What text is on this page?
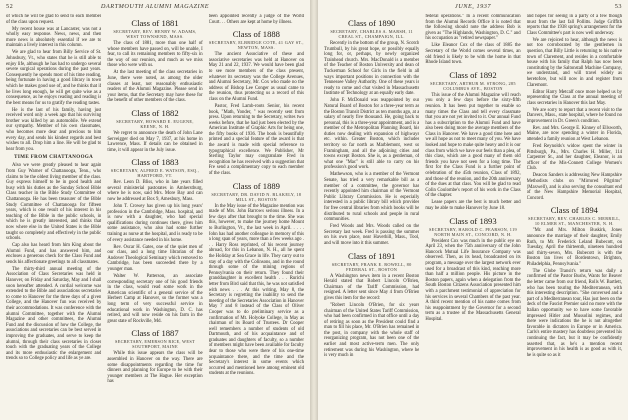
52	DARTMOUTH ALUMNI MAGAZINE

of which he will be glad to send to each member of the class upon request.

My recent house was at Lancaster, was not a wholly easy response. News, news, and then more news is absolutely essential if we are to maintain a lively interest in this column.

We are glad to hear from Billy Service of St. Johnsbury, Vt., who states that he is still able to enjoy life, although he has had to undergo several severe surgical operations during the past years. Consequently he spends most of his time reading, being fortunate in having a good library in town which he makes good use of, and he thinks that if he lives long enough, he will get quite wise as a consequence, as he enjoys reading and reading is the best means for us to gratify the reading tastes.

He is the last of his family, having just received word only a week ago that his surviving brother was killed by an automobile. We extend our sympathy. Member of his own classmates, who becomes more dear and precious to him every day, and sends his kindest regards and best wishes to all. Drop him a line. He will be glad to hear from you.

TIME FROM CHATTANOOGA

Also we were greatly pleased to hear again from Guy Warner of Chattanooga, Tenn., who claims to be the oldest living member of the class. Guy express himself to be in good health and busy with his duties as the Sunday School Bible Class teacher in the Bible Study Committee of Chattanooga. He has been treasurer of the Bible Study Committee of Chattanooga for fifteen years, which is one result of his interest in his teaching of the Bible in the public schools, in which he is greatly interested, and thinks that now where else in the United States is the Bible taught so completely and effectively in the public schools.

Cap also has heard from him King about the Alumni Fund, and has answered him, and encloses a generous check for the Class Fund and sends his affectionate greetings to all classmates.

The thirty-third annual meeting of the Association of Class Secretaries was held in Hanover, on Friday and Saturday, May and I shall soon hereafter attended. A cordial welcome was extended to the Bible and associations secretaries to come to Hanover for the three days of a given College, and the Hanover fun was received by their accommodations. It was conference with the alumni Committee, together with the Alumni Magazine and other committees, the Alumni Fund and the discussion of how the College, the associations and secretaries can be best served in improving the graduates, and serve to keep the alumni, through their class secretaries in closer touch with the graduating years of the College and its more enthusiastic the enlargement and trends so to College policy and life as ye are.

Class of 1881
SECRETARY, REV. HENRY W. ADAMS, WEST TOWNSEND, MASS.

The class of 1881, more than one half of whose members have passed on, will be unable, I fear, to call its remaining members to fifty-six in the way of our reunion, and much as we miss those who were with us.

At the last meeting of the class secretaries in June, there were noted, as among the older classes at least, not reasonably enthusiastic readers of the Alumni Magazine. Please send in your items, that the Secretary may have these for the benefit of other members of the class.

Class of 1882
SECRETARY, HOWARD E. EUGENE, KEENE, N. H.

We regret to announce the death of John Lane Serveigger died on May 7, 1937, at his home in Lawrence, Mass. If details can be obtained in time, it will appear in the July issue.

Class of 1883
SECRETARY, ALFRED E. WATSON, ESQ., HARTFORD, VT.

Rev. Leon D. Bliss, who in late years filled several ministerial pastorates in Amherstburg, where he is now, said Mrs. More Bay and can now be addressed at Box 9, Amesbury, Mass.

John T. Crowey has given up his long years' profession in the Cambridge, Mass. hospital, and is now with a daughter, who had special qualifications during continues there, gives him some assistance, who also had some further training as nurse at the hospital, and is ready to be of every assistance needed in his home.

Rev. Oscar H. Gates, one of the quiet men of our class, and a long time librarian of the Andover Theological Seminary which removed to Cambridge, has been succeeded there by a younger man.

Walter W. Patterson, an associate corresponding secretary one of his good friends in the class, would read some work in the American scientific of a general service of the Herbert Camp at Hanover, so the former was a long term of very successful service in educational work in Washington, D. C. has retired, and will now reside on his farm in the great state of Rockville, Md.

Class of 1887
SECRETARY, EMERSON RICE, WEST SOUTHPORT, MAINE

While this issue appears the class will be assembled in Hanover on the way. There are some disappointments regarding the time for dinners and planning for Europe to be with their younger members at The Hague. Her exception has

been appointed recently a judge of the World Court. . . Others are kept at home by illness.

Class of 1888
SECRETARY, ELBRIDGE COTE, 41 GAY ST., NEWTON, MASS.

The ancient Associative of these and associative secretaries was held at Hanover on May 21 and 22, 1937. We would have been glad to see more members of the class present, whatever its secretary was the College Avenues, and Alumni Secretary, Mr. Cox who made no the address of Bishop Lee Conger as usual came to the reunion, thus protecting us a record of this class on the Alumni Fund.

Pastor, Fred Lamb-roots Senior, his recent book, "Math, Yonder, " was recently sent from press. Upon returning to the Secretary, writes two weeks before, that he had just been elected by the American Institute of Graphic Arts for being one, the fifty books of 1936. The book is beautifully printed and a special feature of the award is that the award is made with special reference to typographical excellence. We Publisher, Mr Sterling Taylor may congratulate Fred in recognition he has received with a suggestion that Fre send a complimentary copy to each member of the class.

Class of 1889
SECRETARY, DR. DAVID N. BLAKELY, 18 MILL ST., BOSTON

In the May issue of the Magazine mention was made of Mrs. John Barrows serious illness. In a few days after that brought to the time. She was this, however, to make the journey home Mount to Burlington, Vt., the last week in April. . . . . John has had another colleague in memory of this a long span of years, more than a few weeks ago . . . Harry Ross reprinted, of his recent journey abroad, for this in Lebanon, N. H., all he spent the Holiday at Sea Grace in life. They carry out to stay of a day with the Colinsons, and in the round through some of the mining regions of Pennsylvania on their return. They found their granddaughter in excellent health . . . Rurichi letter from Bird said that this, he was not satisfied with news . . . At this writing, May 8, the Secretary is regretting the inability to send the meeting of the Secretaries Association in Hanover May 7 and 8 instead of the Class of Oliver Cooper was to do preliminary service as a confirmation of Mt. Holyoke College, in May as chairman of its Board of Trustees. Dr Cooper well remembers a number of students of old Dartmouth, and of his acquaintance and of graduates and daughters of faculty, so a number of members might have been available for faculty dear to those who were there of his one-time acquaintance there, and the time and the Secretary's interest in some events which occurred and mentioned here among eminent old students at the reunions.

JUNE, 1937	53
Class of 1890
SECRETARY, CHARLES A. MARSH, 11 CREAL ST., CHAMPAIGN, ILL.

Recently in the bottom of the group, N. Scotch Trumbull, by his great hope, or possibly equally long for, or, perhaps, by newly organized Trainhead church. Mrs. MacDonald is a member of the Teacher of Boston University and dean of Tuckerman School for Girls in the field in all ways important positions in connection with the Tennessee Valley Authority. One of these years is ready to come and chat visited in Massachusetts Institute of Technology at an equally early date.

John F. McDonald was reappointed by our Natural Board of Boston for a three-year term as the Boston Transit District as ten months ago, at a salary of nearly five thousand. He, going back to personal, this is a three-year appointment, and is a member of the Metropolitan Planning Board, his duties now dealing with expansion of highways etc. within. Greater Boston, which includes territory so far north as Marblemont, west so Framingham, and all the adjoining cities and towns except Boston. She is, as a gentleman, of what one "Mac" is still able to carry on his profession's good work.

Mathewson, who is a member of the Vermont Senate, has tried a very remarkable bill as a member of a committee, the governor has recently appointed him chairman of the Vermont Public Library Commission. He is especially interested in a public library bill which provides for free central libraries from which books will be distributed to rural schools and people in rural communities.

Fred Woods and Mrs. Woods called on the Secretary last week. Fred is passing the summer on his own place, near Haverhill, Mass., Tool, and will move into it this summer.

Class of 1891
SECRETARY, FRANK E. ROWELL, 80 FEDERAL ST., BOSTON

A Washington news item in a recent Boston Herald stated that Robert Lincoln O'Brien, Chairman of the Tariff Commission, had resigned. A letter sent since May 4 from O'Brien gives this item for the record:

"Robert Lincoln O'Brien, for six years chairman of the United States Tariff Commission, who had been confirmed in that office until a day of retiring as soon as the President could find a man to fill his place, Mr. O'Brien has remained in the post, in company with the whole staff of reorganizing program, has not been one of the earlier and most active-term men. The only retirement was during his Washington, where he is very much in

federal operations." In a recent communication from the Alumni Records Office it is noted that the following should note the address Bob is given as "The Highlands, Washington, D. C." and his occupation as "retired newspaper."

Like Eleanor Cox of the class of 1885 the Secretary of the World comes several times, an old friend is likely to be with the home in that Rhode Island town.

Class of 1892
SECRETARY, ARTHUR M. STRONG, 285 COLUMBUS AVE., BOSTON

This issue of the Alumni Magazine will reach you only a few days before the sixty-fifth reunion. It has been put together to enable so many times the Class and tell every classmate that you are not yet invited to it. Our annual Fund has a subscription to the Alumni Fund and have also been doing more the average members of the Class in Hanover. We have a good time here and we all hope as not to meet many of you. We have looked and hope to make quite heavy and it is our class from which we have our feels than a plea, of this class, which are a good many of them old friends you have not seen for a long time. The first for the Class Fund is a further point of celebration of the 45th reunion, Class of 1892, and those of the reunion, and the 20th anniversary of the dues at that class. You will be glad to read Colin Coulombe's report of his work in the Class of the chapter.

Lease papers are the best is much better and may be able to make Hanover by June 18.

Class of 1893
SECRETARY, HAROLD C. PEARSON, 119 NORTH MAIN ST., CONCORD, N. H.

President Cox was much in the public eye on April 23, when the 75th anniversary of the John Hancock Mutual Life Insurance Company was observed. Then, as its head, broadcasted on its program, a message over the largest network ever used for a broadcast of this kind, reaching more than half a million people. His picture in the Boston papers, again when a delegation from the South Boston Citizens Association presented him with a parchment testimonial of appreciation for his services in several Chambers of the past year. A third recent mention of his name comes from his reappointment by the Governor for a second term as a trustee of the Massachusetts General Hospital.

and hopes for seeing in a party of a few though must from the last fall Pollitts. Judge Griffith reports that the 1938 spring's arrangement for the Class Committee's part is now well underway.

We are rejoiced to hear, although the news is not too corroborated by the gentlemen in question, that Billy Little is returning to his native town of Clarement, and resides in a comfortable house with his family that Ralph has now been constituting by the Saltonstall Machine Company, we understand, and will travel widely as heretofore, but will now in and register from Claremont.

Editor Harry Metcalf once more helped us by representing the Class at the annual meeting of class secretaries in Hanover this last May.

We are sorry to report that a recent visit to the Danvers, Mass., state hospital, where he found no improvement in Dr. Green's condition.

Rev. and Mrs. George E. Kinney of Ellsworth, Maine, are now spending a winter in Florida, attended a family reunion at West Lebanon.

Fred Reynolds's widow spent the winter in Pittsburgh, Pa., Mrs. Charles H. Miller, 114 Carpenter St., and her daughter, Eleanor, is an officer of the Mis-Connett College Women's Club.

Deacon Sanders is addressing New Hampshire Methodists clubs on "Mirrored Pilgrims" (Maxwell), and is also serving the consultant end of the New Hampshire Memorial Hospital, Concord.

Class of 1894
SECRETARY, REV. CHARLES C. MERRILL, 10 ELMER ST., MANCHESTER, N. H.

"Mr. and Mrs. Milton Buskirk, Jones announce the marriage of their daughter, Emily Ruth, to Mr. Frederick Leland Bubecott, on Tuesday, April the thirteenth, nineteen hundred and thirty-seven, Mrs. Bubecott is with the Boston lan lives of Bordentown, Brighton, Philadelphia, Pennsylvania."

The Globe Transit's return was daily a confirmed of the Pastor Bushs, Wants for Beaver the letter came from our friend, Rolls W. Bartlett, who has been touring the Mediterranean, with this interesting description. "She conversed and a part of a Mediterranean tour, Has just been on the deck of the Fascist Premier said no more with the Italian opportunity we to have some favorable impressed Hitler and Mussolini regimes, and there were indications the he is not altogether favorable in dictators in Europe or in America. Carls's entire mastery has doubtless prevented his continuing the fact, but it may be confidently asserted that, as he's a mention recent improvement in his health is as good as with it, he is quite so as it
